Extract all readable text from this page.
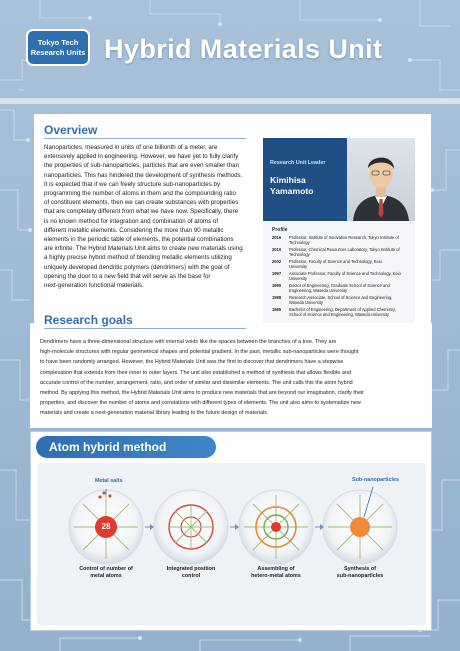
Tokyo Tech
Research Units Hybrid Materials Unit
Overview
Nanoparticles, measured in units of one billionth of a meter, are
extensively applied in engineering. However, we have yet to fully clarify
the properties of sub-nanoparticles, particles that are even smaller than
nanoparticles. This has hindered the development of synthesis methods.
It is expected that if we can freely structure sub-nanoparticles by
programming the number of atoms in them and the compounding ratio
of constituent elements, then we can create substances with properties
that are completely different from what we have now. Specifically, there
is no known method for integration and combination of atoms of
different metallic elements. Considering the more than 90 metallic
elements in the periodic table of elements, the potential combinations
are infinite. The Hybrid Materials Unit aims to create new materials using
a highly precise hybrid method of blending metallic elements utilizing
uniquely developed dendritic polymers (dendrimers) with the goal of
opening the door to a new field that will serve as the base for
next-generation functional materials.
Research Unit Leader
Kimihisa
Yamamoto
Profile
2016	Professor, Institute of Innovative Research, Tokyo Institute of
Technology
2010	Professor, Chemical Resources Laboratory, Tokyo Institute of
Technology
2002	Professor, Faculty of Science and Technology, Keio
University
1997	Associate Professor, Faculty of Science and Technology, Keio
University
1990	Doctor of Engineering, Graduate School of Science and
Engineering, Waseda University
1988	Research Associate, School of Science and Engineering,
Waseda University
1985	Bachelor of Engineering, Department of Applied Chemistry,
School of Science and Engineering, Waseda University
Research goals
Dendrimers have a three-dimensional structure with internal voids like the spaces between the branches of a tree. They are
high-molecule structures with regular geometrical shapes and potential gradient. In the past, metallic sub-nanoparticles were thought
to have been randomly arranged. However, the Hybrid Materials Unit was the first to discover that dendrimers have a stepwise
complexation that extends from their inner to outer layers. The unit also established a method of synthesis that allows flexible and
accurate control of the number, arrangement, ratio, and order of similar and dissimilar elements. The unit calls this the atom hybrid
method. By applying this method, the Hybrid Materials Unit aims to produce new materials that are beyond our imagination, clarify their
properties, and discover the number of atoms and correlations with different types of elements. The unit also aims to systematize new
materials and create a next-generation material library leading to the future design of materials.
Atom hybrid method
Metal salts	Sub-nanoparticles
28
Control of number of
metal atoms
Integrated position
control
Assembling of
hetero-metal atoms
Synthesis of
sub-nanoparticles
